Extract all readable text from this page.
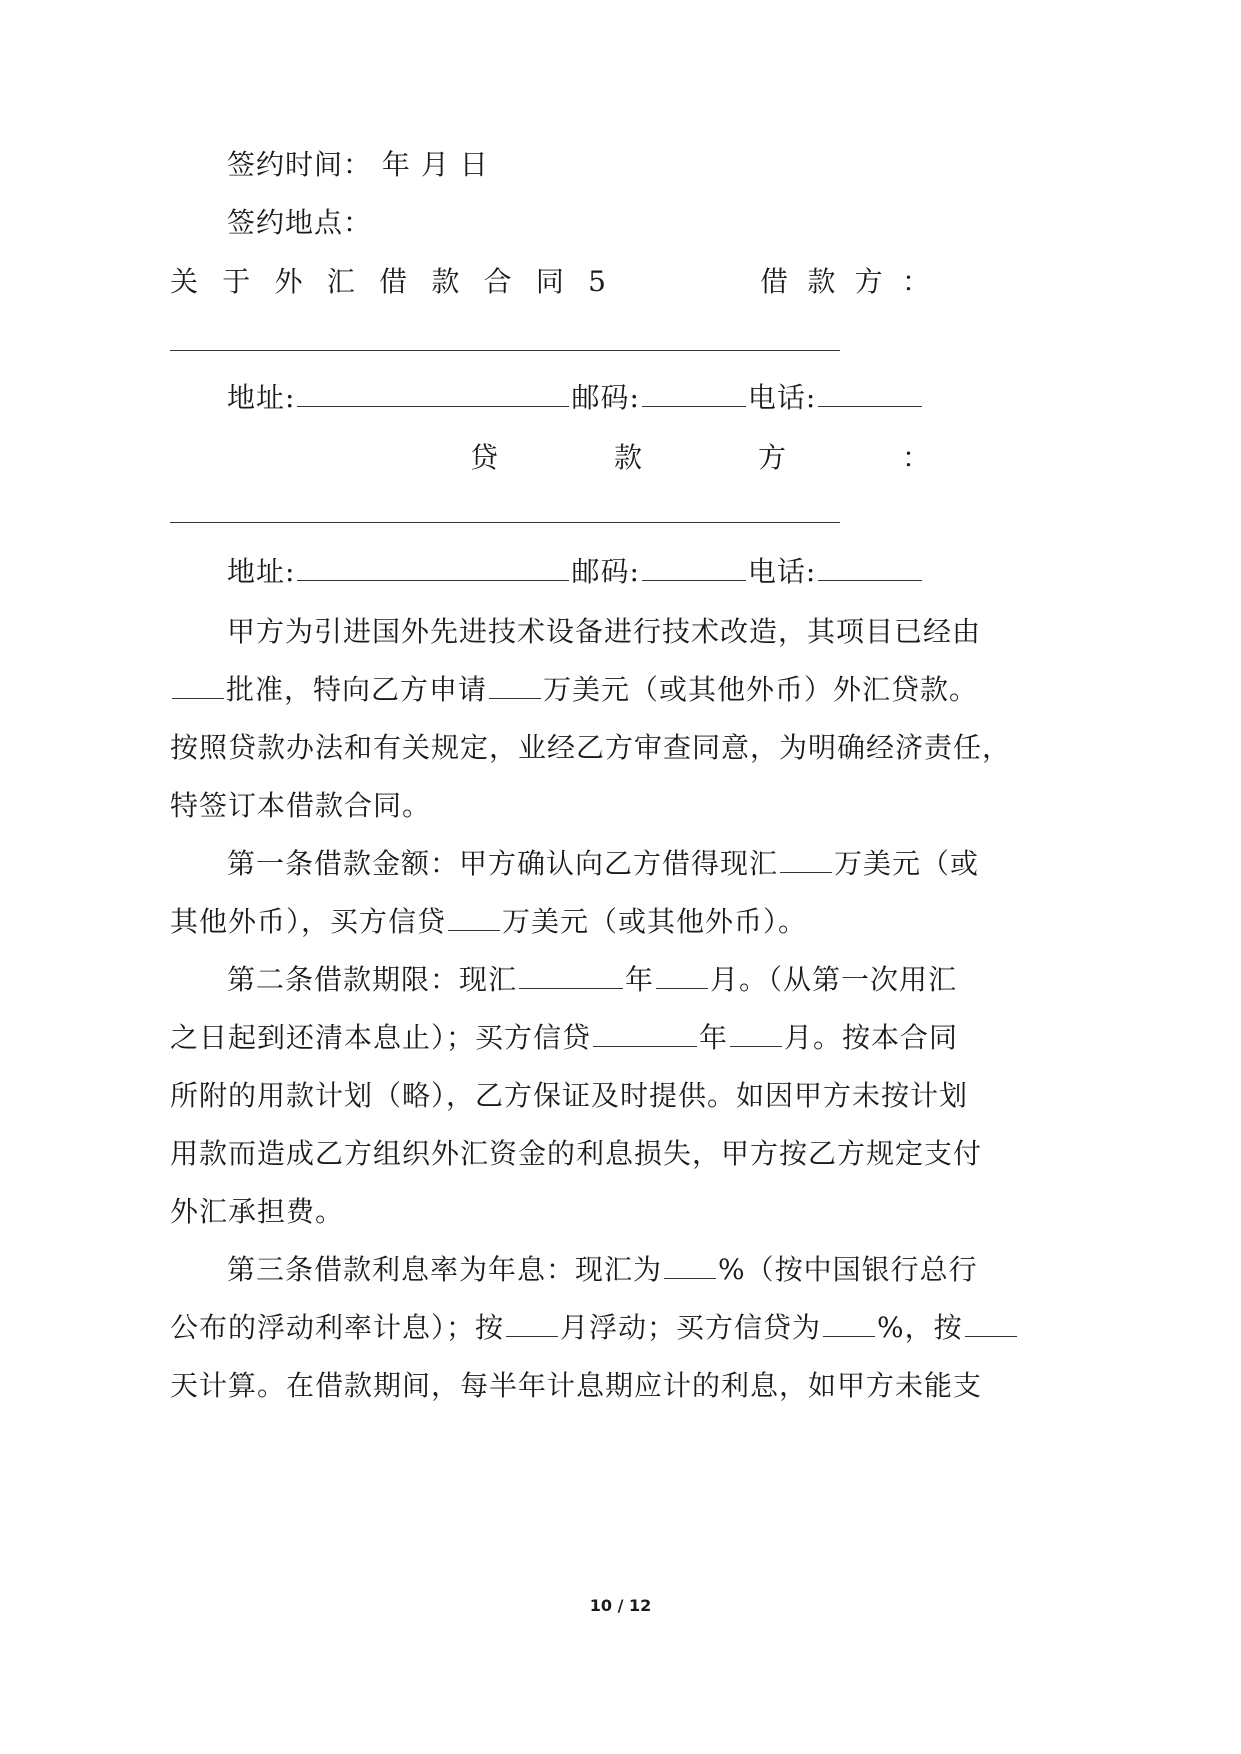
签约时间： 年 月 日
签约地点：
关 于 外 汇 借 款 合 同 5	借 款 方 ：
地址:	邮码:	电话:
贷	款	方	：
地址:	邮码:	电话:
甲方为引进国外先进技术设备进行技术改造，其项目已经由
批准，特向乙方申请 万美元（或其他外币）外汇贷款。
按照贷款办法和有关规定，业经乙方审查同意，为明确经济责任，
特签订本借款合同。
第一条借款金额：甲方确认向乙方借得现汇 万美元（或
其他外币），买方信贷 万美元（或其他外币）。
第二条借款期限：现汇	年 月。（从第一次用汇
之日起到还清本息止）；买方信贷	年 月。按本合同
所附的用款计划（略），乙方保证及时提供。如因甲方未按计划
用款而造成乙方组织外汇资金的利息损失，甲方按乙方规定支付
外汇承担费。
第三条借款利息率为年息：现汇为 %（按中国银行总行
公布的浮动利率计息）；按 月浮动；买方信贷为 %，按
天计算。在借款期间，每半年计息期应计的利息，如甲方未能支
10 / 12
